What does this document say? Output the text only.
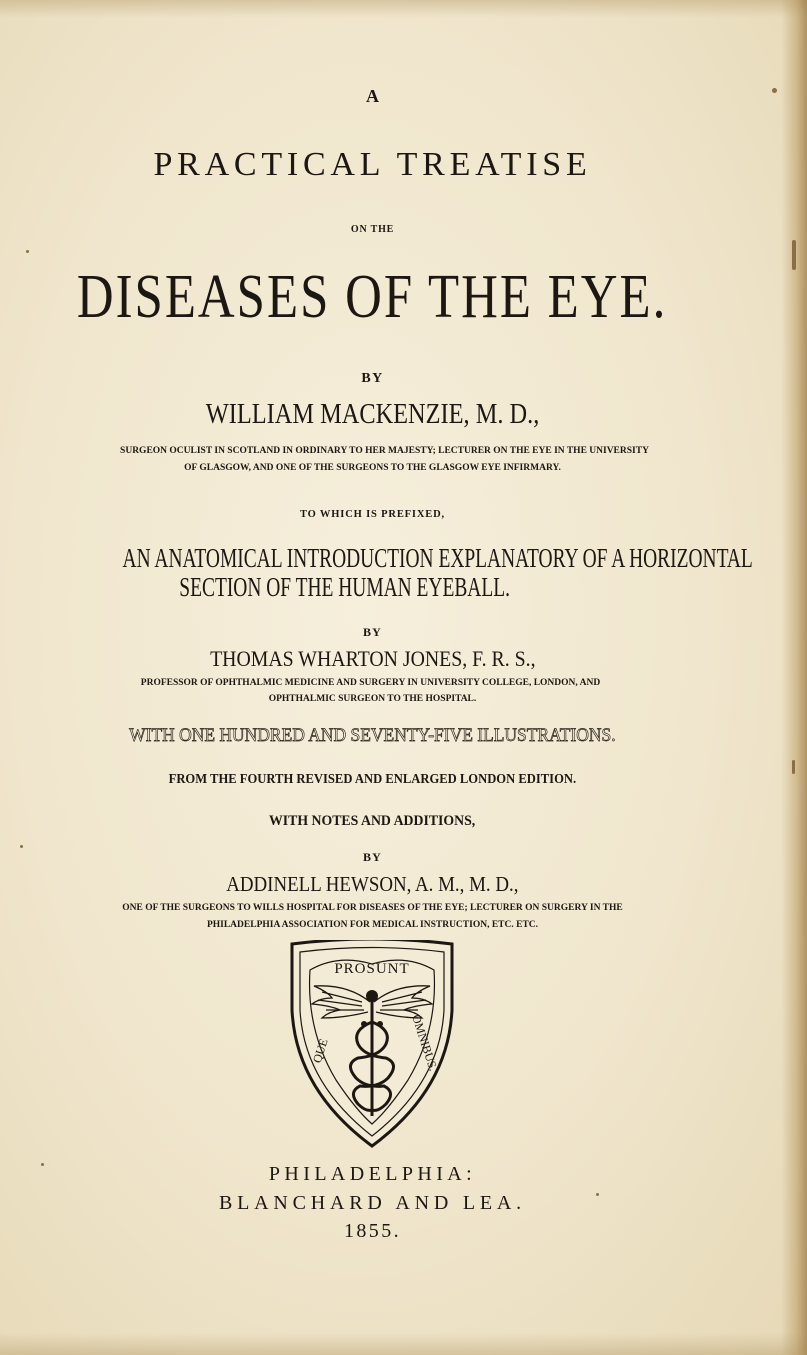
A
PRACTICAL TREATISE
ON THE
DISEASES OF THE EYE.
BY
WILLIAM MACKENZIE, M. D.,
SURGEON OCULIST IN SCOTLAND IN ORDINARY TO HER MAJESTY; LECTURER ON THE EYE IN THE UNIVERSITY
OF GLASGOW, AND ONE OF THE SURGEONS TO THE GLASGOW EYE INFIRMARY.
TO WHICH IS PREFIXED,
AN ANATOMICAL INTRODUCTION EXPLANATORY OF A HORIZONTAL
SECTION OF THE HUMAN EYEBALL.
BY
THOMAS WHARTON JONES, F. R. S.,
PROFESSOR OF OPHTHALMIC MEDICINE AND SURGERY IN UNIVERSITY COLLEGE, LONDON, AND
OPHTHALMIC SURGEON TO THE HOSPITAL.
WITH ONE HUNDRED AND SEVENTY-FIVE ILLUSTRATIONS.
FROM THE FOURTH REVISED AND ENLARGED LONDON EDITION.
WITH NOTES AND ADDITIONS,
BY
ADDINELL HEWSON, A. M., M. D.,
ONE OF THE SURGEONS TO WILLS HOSPITAL FOR DISEASES OF THE EYE; LECTURER ON SURGERY IN THE
PHILADELPHIA ASSOCIATION FOR MEDICAL INSTRUCTION, ETC. ETC.
PROSUNT
QUE	OMNIBUS.
PHILADELPHIA:
BLANCHARD AND LEA.
1855.
